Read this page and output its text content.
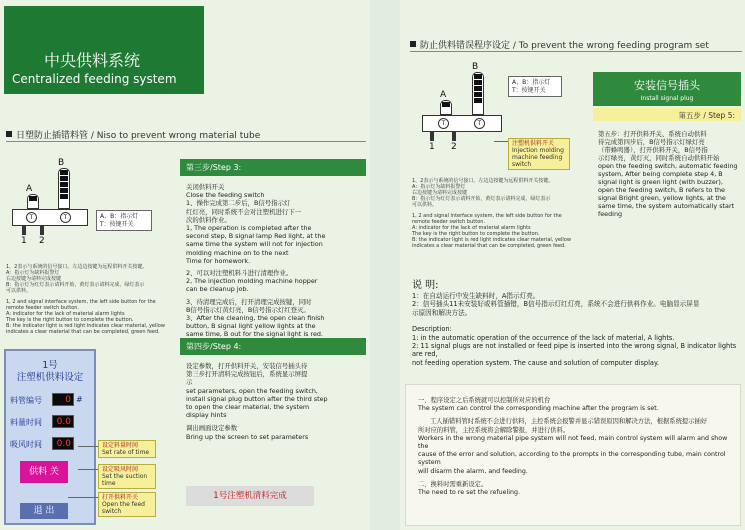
中央供料系统
Centralized feeding system
日塑防止插错料管 / Niso to prevent wrong material tube
A
B
T	T
1 2
A、B：指示灯
T：按键开关
1、2表示与系统的信号接口。左边边按键为远程供料开关按键。
A：指示灯为缺料报警灯
右边按键为请料完成按键
B：指示灯为红灯表示请料开始，黄灯表示请料完成，绿灯表示
可以供料。
1, 2 and signal interface system, the left side button for the
remote feeder switch button.
A: indicator for the lack of material alarm lights
The key is the right button to complete the button.
B: the indicator light is red light indicates clear material, yellow
indicates a clear material that can be completed, green feed.
第三步/Step 3:
关闭供料开关
Close the feeding switch
1、操作完成第二步后，B信号指示灯
红灯亮，同时系统不会对注塑机进行下一
次的供料作业。
1, The operation is completed after the
second step, B signal lamp Red light, at the
same time the system will not for injection
molding machine on to the next
Time for homework.
2、可以对注塑机料斗进行清理作业。
2, The injection molding machine hopper
can be cleanup job.
3、待清理完成后，打开清理完成按键，同时
B信号指示灯黄灯亮，B信号指示灯红登灭。
3、After the cleaning, the open clean finish
button, B signal light yellow lights at the
same time, B out for the signal light is red.
第四步/Step 4:
设定参数，打开供料开关，安装信号插头待
第三步打开清料完成按钮后，系统显示屏提
示
set parameters, open the feeding switch,
install signal plug button after the third step
to open the clear material, the system
display hints
调出画面设定参数
Bring up the screen to set parameters
1号注塑机清料完成
1号
注塑机供料设定
料管编号	0 #
料量时间	0.0
吸风时间	0.0
供料 关
退 出
设定料量时间
Set rate of time
设定吸风时间
Set the suction time
打开供料开关
Open the feed switch
防止供料错误程序设定 / To prevent the wrong feeding program set
A
B
T	T
1 2
A、B：指示灯
T：按键开关
注塑机供料开关
Injection molding
machine feeding switch
1、2表示与系统的信号接口。左边边按键为远程供料开关按键。
A：指示灯为缺料报警灯
右边按键为请料完成按键
B：指示灯为红灯表示请料开始，黄灯表示请料完成，绿灯表示
可以供料。
1, 2 and signal interface system, the left side button for the
remote feeder switch button.
A: indicator for the lack of material alarm lights
The key is the right button to complete the button.
B: the indicator light is red light indicates clear material, yellow
indicates a clear material that can be completed, green feed.
安装信号插头
Install signal plug
第五步 / Step 5:
第五步：打开供料开关、系统自动供料
待完成第四步后，B信号指示灯绿灯亮
（带蜂鸣器），打开供料开关，B信号指
示灯绿亮，黄灯灭，同时系统自动供料开始
open the feeding switch, automatic feeding
system, After being complete step 4, B
signal light is green light (with buzzer),
open the feeding switch, B refers to the
signal Bright green, yellow lights, at the
same time, the system automatically start
feeding
说 明:
1：在自动运行中发生缺料时，A指示灯亮。
2：信号插头11未安装好或料管插错，B信号指示灯红灯亮，系统不会进行供料作业。电脑显示屏显
示原因和解决方法。
Description:
1: in the automatic operation of the occurrence of the lack of material, A lights.
2: 11 signal plugs are not installed or feed pipe is inserted into the wrong signal, B indicator lights are red,
not feeding operation system. The cause and solution of computer display.
一、程序设定之后系统就可以控制所对应的机台
The system can control the corresponding machine after the program is set.
工人插错料管时系统不会进行供料，主控系统会报警并显示错误原因和解决方法，根据系统提示插好
所对应的料管，主控系统将会解除警报，并进行供料。
Workers in the wrong material pipe system will not feed, main control system will alarm and show the
cause of the error and solution, according to the prompts in the corresponding tube, main control system
will disarm the alarm, and feeding.
二、换料时需重新设定。
The need to re set the refueling.
